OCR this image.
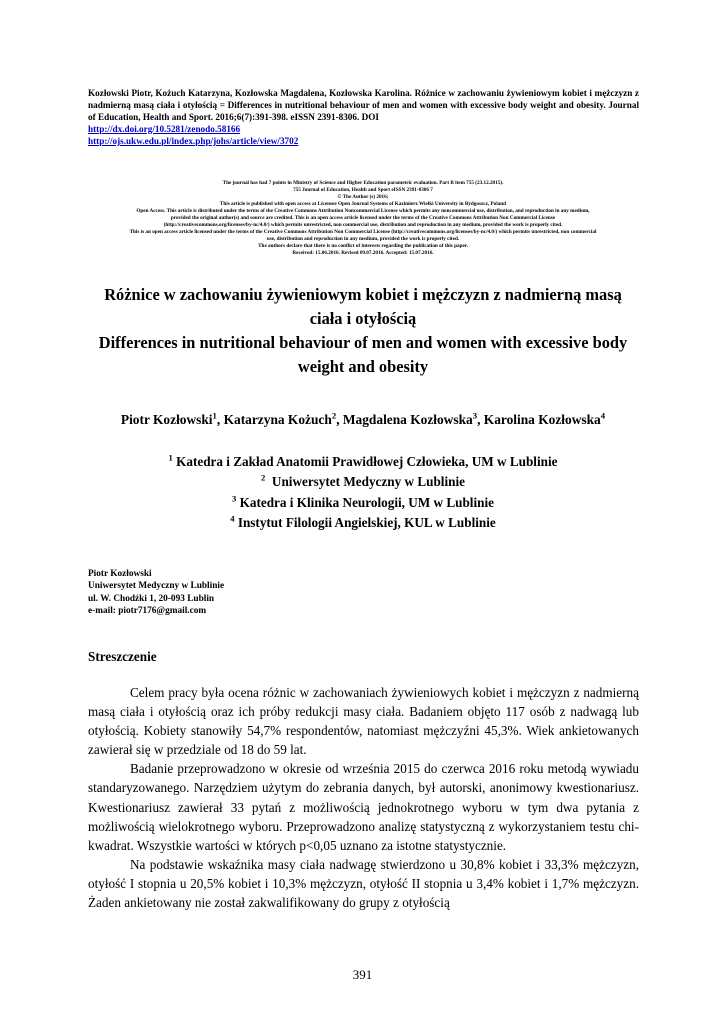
Kozłowski Piotr, Kożuch Katarzyna, Kozłowska Magdalena, Kozłowska Karolina. Różnice w zachowaniu żywieniowym kobiet i mężczyzn z nadmierną masą ciała i otyłością = Differences in nutritional behaviour of men and women with excessive body weight and obesity. Journal of Education, Health and Sport. 2016;6(7):391-398. eISSN 2391-8306. DOI
http://dx.doi.org/10.5281/zenodo.58166
http://ojs.ukw.edu.pl/index.php/johs/article/view/3702
The journal has had 7 points in Ministry of Science and Higher Education parametric evaluation. Part B item 755 (23.12.2015).
755 Journal of Education, Health and Sport eISSN 2391-8306 7
© The Author (s) 2016;
This article is published with open access at Licensee Open Journal Systems of Kazimierz Wielki University in Bydgoszcz, Poland
Open Access. This article is distributed under the terms of the Creative Commons Attribution Noncommercial License which permits any noncommercial use, distribution, and reproduction in any medium,
provided the original author(s) and source are credited. This is an open access article licensed under the terms of the Creative Commons Attribution Non Commercial License
(http://creativecommons.org/licenses/by-nc/4.0/) which permits unrestricted, non commercial use, distribution and reproduction in any medium, provided the work is properly cited.
This is an open access article licensed under the terms of the Creative Commons Attribution Non Commercial License (http://creativecommons.org/licenses/by-nc/4.0/) which permits unrestricted, non commercial
use, distribution and reproduction in any medium, provided the work is properly cited.
The authors declare that there is no conflict of interests regarding the publication of this paper.
Received: 15.06.2016. Revised 09.07.2016. Accepted: 15.07.2016.
Różnice w zachowaniu żywieniowym kobiet i mężczyzn z nadmierną masą
ciała i otyłością
Differences in nutritional behaviour of men and women with excessive body
weight and obesity
Piotr Kozłowski$^1$, Katarzyna Kożuch$^2$, Magdalena Kozłowska$^3$, Karolina Kozłowska$^4$
$^1$ Katedra i Zakład Anatomii Prawidłowej Człowieka, UM w Lublinie
$^2$  Uniwersytet Medyczny w Lublinie
$^3$ Katedra i Klinika Neurologii, UM w Lublinie
$^4$ Instytut Filologii Angielskiej, KUL w Lublinie
Piotr Kozłowski
Uniwersytet Medyczny w Lublinie
ul. W. Chodźki 1, 20-093 Lublin
e-mail: piotr7176@gmail.com
Streszczenie

Celem pracy była ocena różnic w zachowaniach żywieniowych kobiet i mężczyzn z nadmierną masą ciała i otyłością oraz ich próby redukcji masy ciała. Badaniem objęto 117 osób z nadwagą lub otyłością. Kobiety stanowiły 54,7% respondentów, natomiast mężczyźni 45,3%. Wiek ankietowanych zawierał się w przedziale od 18 do 59 lat.

Badanie przeprowadzono w okresie od września 2015 do czerwca 2016 roku metodą wywiadu standaryzowanego. Narzędziem użytym do zebrania danych, był autorski, anonimowy kwestionariusz. Kwestionariusz zawierał 33 pytań z możliwością jednokrotnego wyboru w tym dwa pytania z możliwością wielokrotnego wyboru. Przeprowadzono analizę statystyczną z wykorzystaniem testu chi- kwadrat. Wszystkie wartości w których p<0,05 uznano za istotne statystycznie.

Na podstawie wskaźnika masy ciała nadwagę stwierdzono u 30,8% kobiet i 33,3% mężczyzn, otyłość I stopnia u 20,5% kobiet i 10,3% mężczyzn, otyłość II stopnia u 3,4% kobiet i 1,7% mężczyzn. Żaden ankietowany nie został zakwalifikowany do grupy z otyłością

391
